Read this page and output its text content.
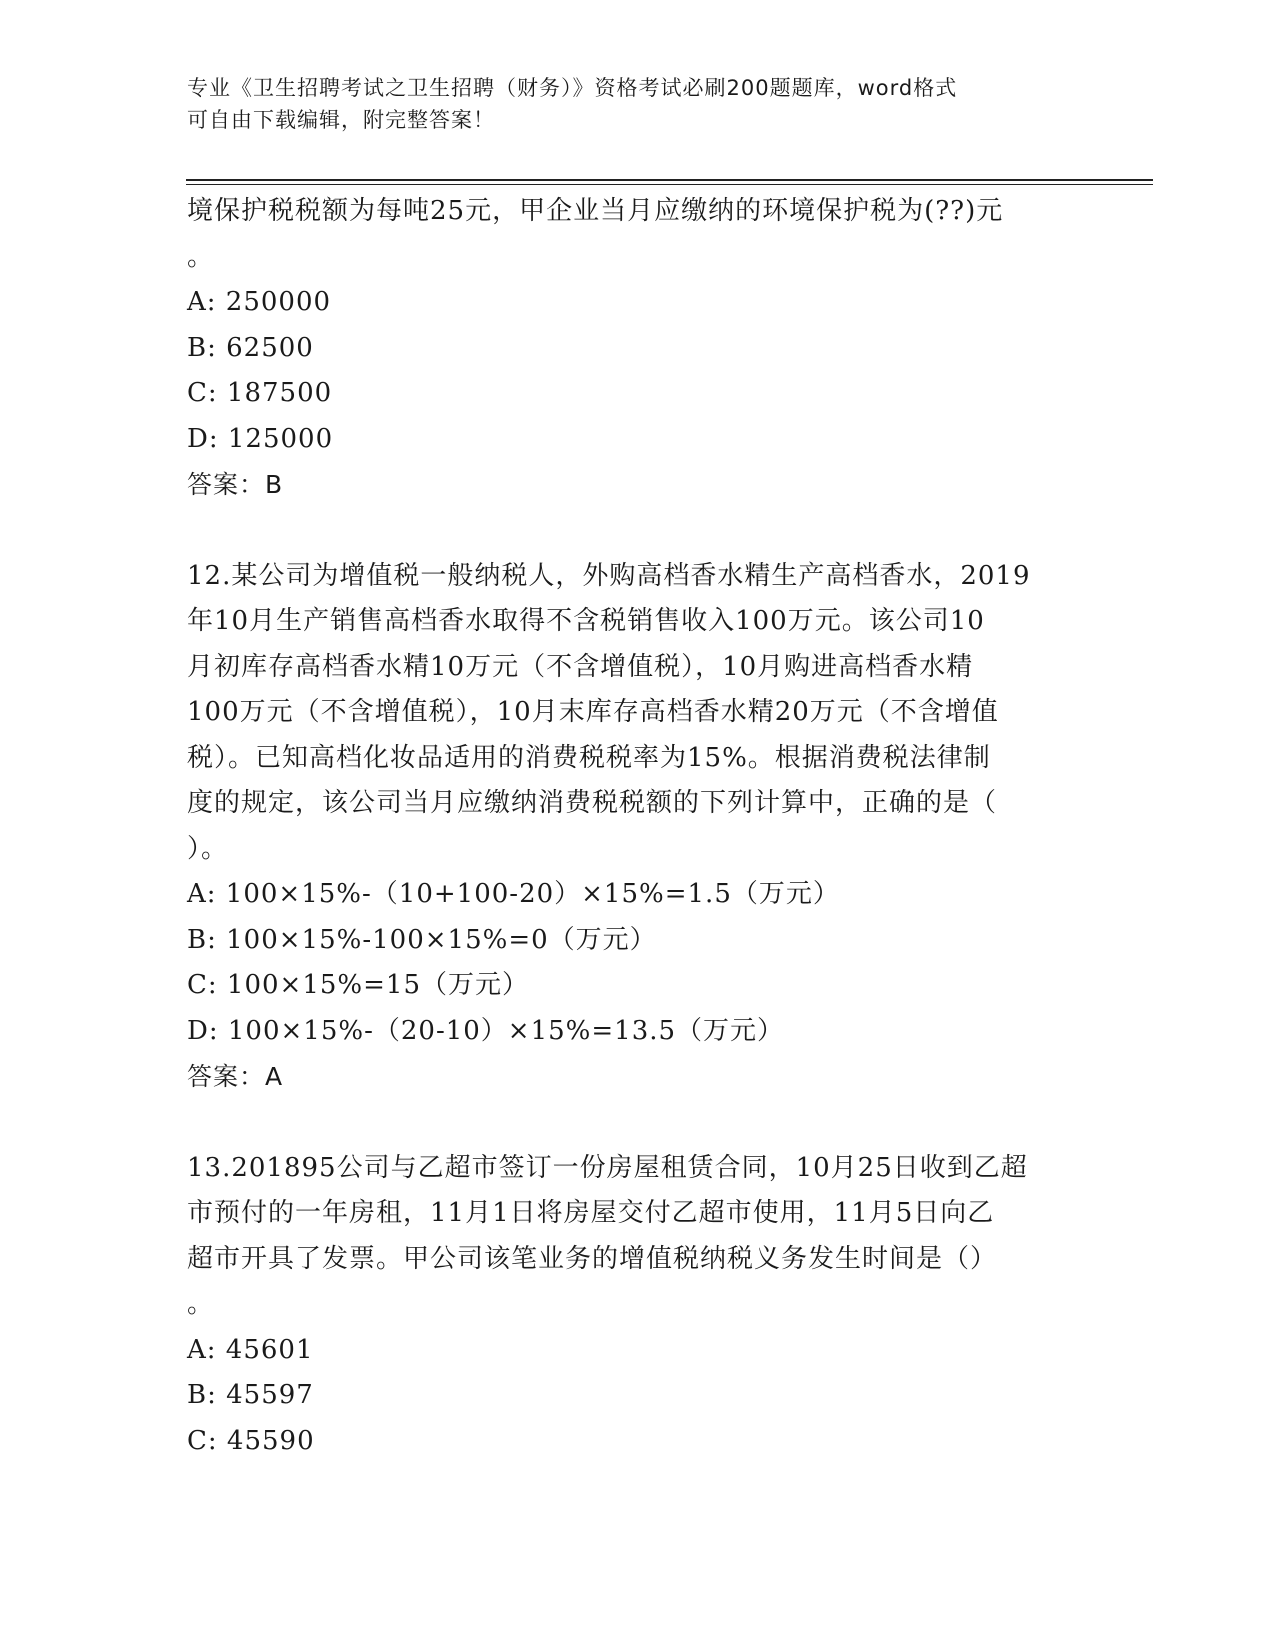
专业《卫生招聘考试之卫生招聘（财务）》资格考试必刷200题题库，word格式
可自由下载编辑，附完整答案！
境保护税税额为每吨25元，甲企业当月应缴纳的环境保护税为(??)元
。
A: 250000
B: 62500
C: 187500
D: 125000
答案：B
12.某公司为增值税一般纳税人，外购高档香水精生产高档香水，2019
年10月生产销售高档香水取得不含税销售收入100万元。该公司10
月初库存高档香水精10万元（不含增值税），10月购进高档香水精
100万元（不含增值税），10月末库存高档香水精20万元（不含增值
税）。已知高档化妆品适用的消费税税率为15%。根据消费税法律制
度的规定，该公司当月应缴纳消费税税额的下列计算中，正确的是（
）。
A: 100×15%-（10+100-20）×15%=1.5（万元）
B: 100×15%-100×15%=0（万元）
C: 100×15%=15（万元）
D: 100×15%-（20-10）×15%=13.5（万元）
答案：A
13.201895公司与乙超市签订一份房屋租赁合同，10月25日收到乙超
市预付的一年房租，11月1日将房屋交付乙超市使用，11月5日向乙
超市开具了发票。甲公司该笔业务的增值税纳税义务发生时间是（）
。
A: 45601
B: 45597
C: 45590
